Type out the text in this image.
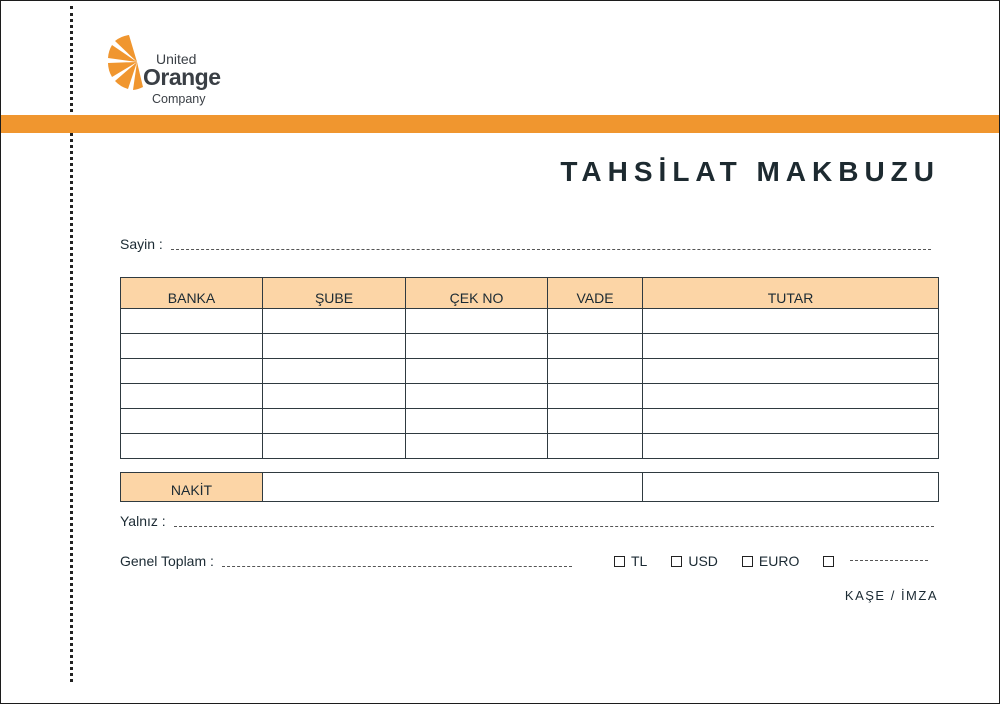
United
Orange
Company
TAHSİLAT MAKBUZU
Sayin :
BANKA	ŞUBE	ÇEK NO	VADE	TUTAR

NAKİT		
Yalnız :
Genel Toplam :	TL	USD	EURO
KAŞE / İMZA
